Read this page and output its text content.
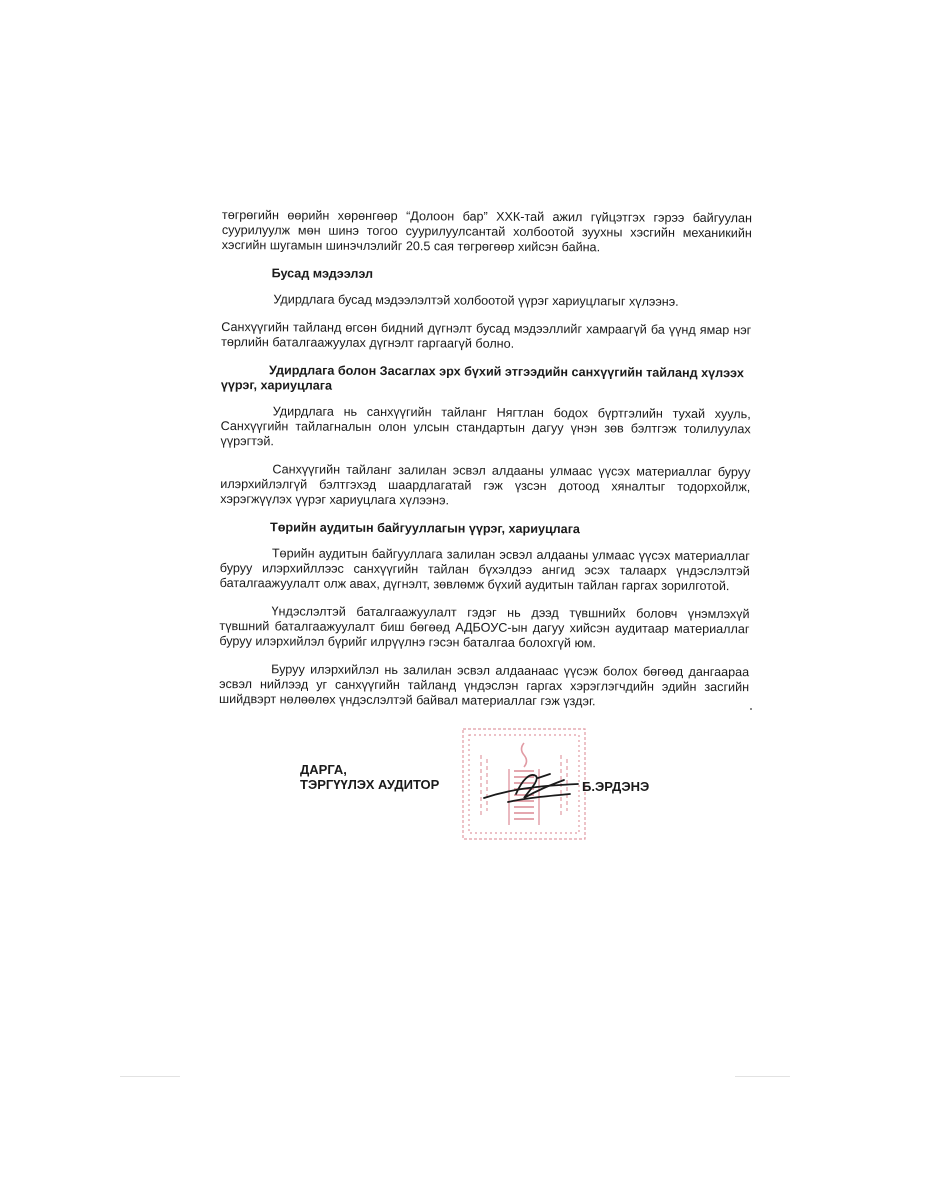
төгрөгийн өөрийн хөрөнгөөр “Долоон бар” ХХК-тай ажил гүйцэтгэх гэрээ байгуулан суурилуулж мөн шинэ тогоо суурилуулсантай холбоотой зуухны хэсгийн механикийн хэсгийн шугамын шинэчлэлийг 20.5 сая төгрөгөөр хийсэн байна.

Бусад мэдээлэл

Удирдлага бусад мэдээлэлтэй холбоотой үүрэг хариуцлагыг хүлээнэ.

Санхүүгийн тайланд өгсөн бидний дүгнэлт бусад мэдээллийг хамраагүй ба үүнд ямар нэг төрлийн баталгаажуулах дүгнэлт гаргаагүй болно.

Удирдлага болон Засаглах эрх бүхий этгээдийн санхүүгийн тайланд хүлээх үүрэг, хариуцлага

Удирдлага нь санхүүгийн тайланг Нягтлан бодох бүртгэлийн тухай хууль, Санхүүгийн тайлагналын олон улсын стандартын дагуу үнэн зөв бэлтгэж толилуулах үүрэгтэй.

Санхүүгийн тайланг залилан эсвэл алдааны улмаас үүсэх материаллаг буруу илэрхийлэлгүй бэлтгэхэд шаардлагатай гэж үзсэн дотоод хяналтыг тодорхойлж, хэрэгжүүлэх үүрэг хариуцлага хүлээнэ.

Төрийн аудитын байгууллагын үүрэг, хариуцлага

Төрийн аудитын байгууллага залилан эсвэл алдааны улмаас үүсэх материаллаг буруу илэрхийллээс санхүүгийн тайлан бүхэлдээ ангид эсэх талаарх үндэслэлтэй баталгаажуулалт олж авах, дүгнэлт, зөвлөмж бүхий аудитын тайлан гаргах зорилготой.

Үндэслэлтэй баталгаажуулалт гэдэг нь дээд түвшнийх боловч үнэмлэхүй түвшний баталгаажуулалт биш бөгөөд АДБОУС-ын дагуу хийсэн аудитаар материаллаг буруу илэрхийлэл бүрийг илрүүлнэ гэсэн баталгаа болохгүй юм.

Буруу илэрхийлэл нь залилан эсвэл алдаанаас үүсэж болох бөгөөд дангаараа эсвэл нийлээд уг санхүүгийн тайланд үндэслэн гаргах хэрэглэгчдийн эдийн засгийн шийдвэрт нөлөөлөх үндэслэлтэй байвал материаллаг гэж үздэг.

ДАРГА,
ТЭРГҮҮЛЭХ АУДИТОР	Б.ЭРДЭНЭ
